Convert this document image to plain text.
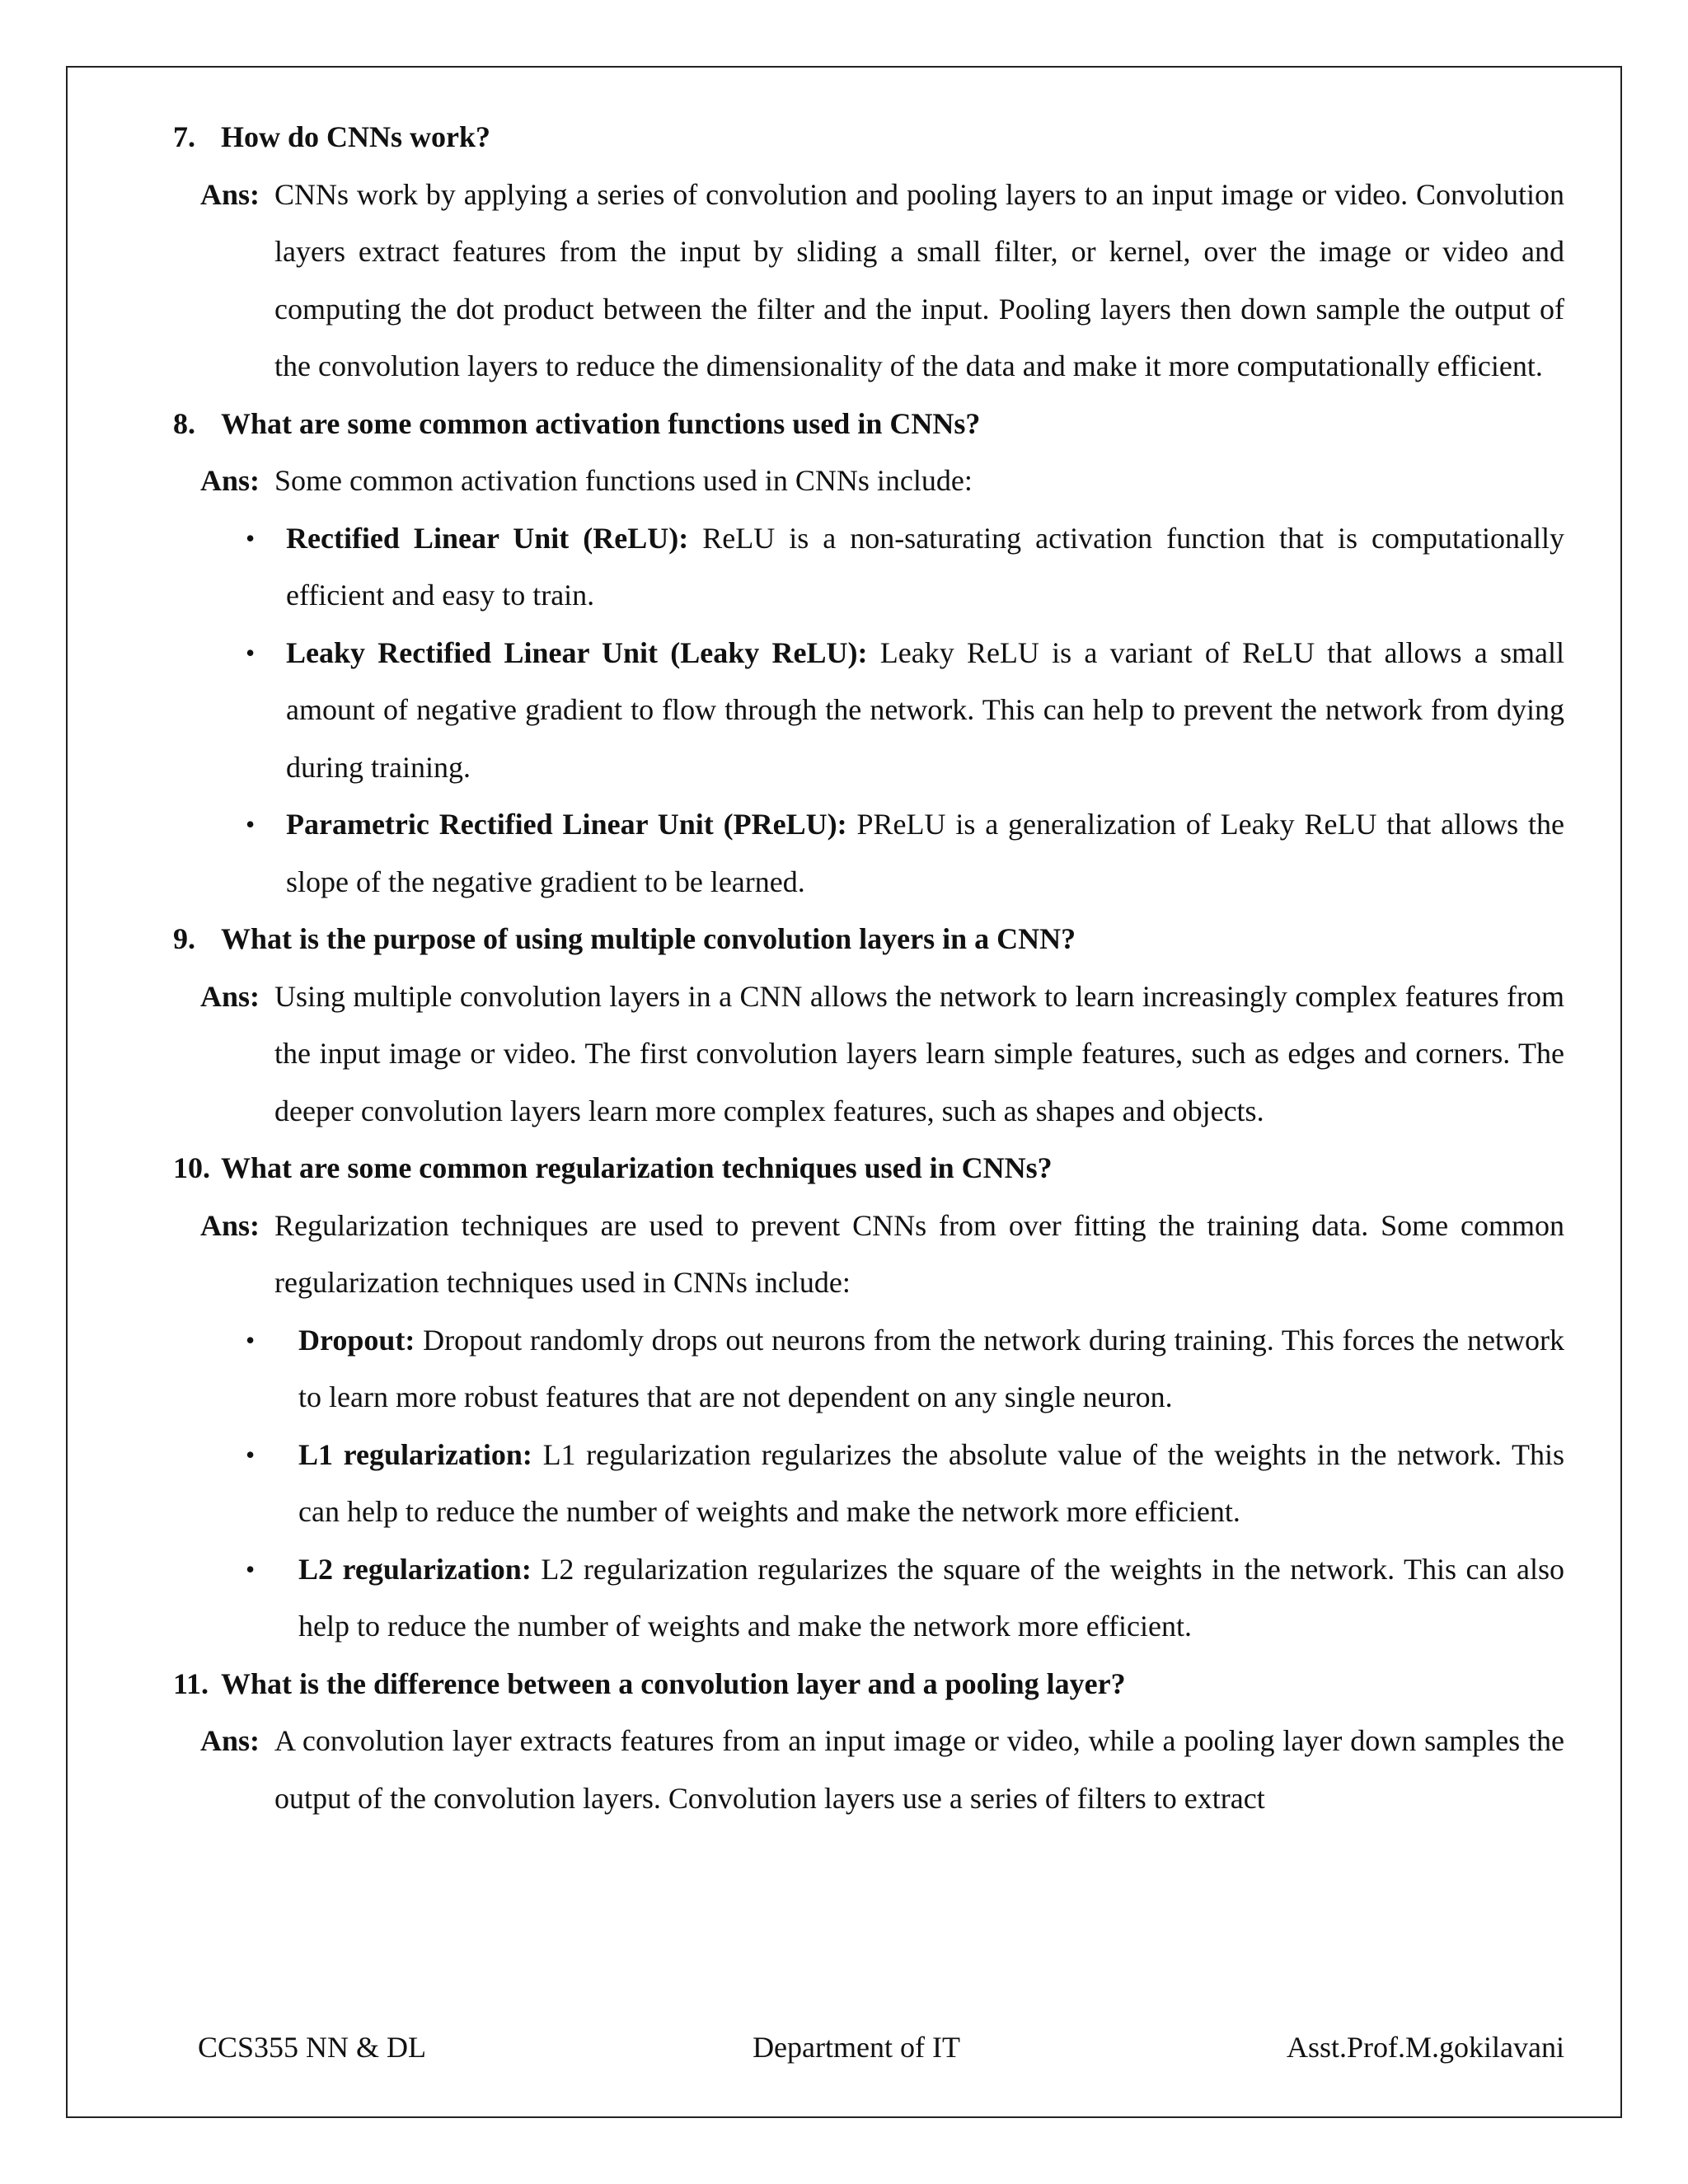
7. How do CNNs work?

Ans: CNNs work by applying a series of convolution and pooling layers to an input image or video. Convolution layers extract features from the input by sliding a small filter, or kernel, over the image or video and computing the dot product between the filter and the input. Pooling layers then down sample the output of the convolution layers to reduce the dimensionality of the data and make it more computationally efficient.

8. What are some common activation functions used in CNNs?

Ans: Some common activation functions used in CNNs include:

• Rectified Linear Unit (ReLU): ReLU is a non-saturating activation function that is computationally efficient and easy to train.
• Leaky Rectified Linear Unit (Leaky ReLU): Leaky ReLU is a variant of ReLU that allows a small amount of negative gradient to flow through the network. This can help to prevent the network from dying during training.
• Parametric Rectified Linear Unit (PReLU): PReLU is a generalization of Leaky ReLU that allows the slope of the negative gradient to be learned.

9. What is the purpose of using multiple convolution layers in a CNN?

Ans: Using multiple convolution layers in a CNN allows the network to learn increasingly complex features from the input image or video. The first convolution layers learn simple features, such as edges and corners. The deeper convolution layers learn more complex features, such as shapes and objects.

10. What are some common regularization techniques used in CNNs?

Ans: Regularization techniques are used to prevent CNNs from over fitting the training data. Some common regularization techniques used in CNNs include:

• Dropout: Dropout randomly drops out neurons from the network during training. This forces the network to learn more robust features that are not dependent on any single neuron.
• L1 regularization: L1 regularization regularizes the absolute value of the weights in the network. This can help to reduce the number of weights and make the network more efficient.
• L2 regularization: L2 regularization regularizes the square of the weights in the network. This can also help to reduce the number of weights and make the network more efficient.

11. What is the difference between a convolution layer and a pooling layer?

Ans: A convolution layer extracts features from an input image or video, while a pooling layer down samples the output of the convolution layers. Convolution layers use a series of filters to extract

CCS355 NN & DL	Department of IT	Asst.Prof.M.gokilavani
